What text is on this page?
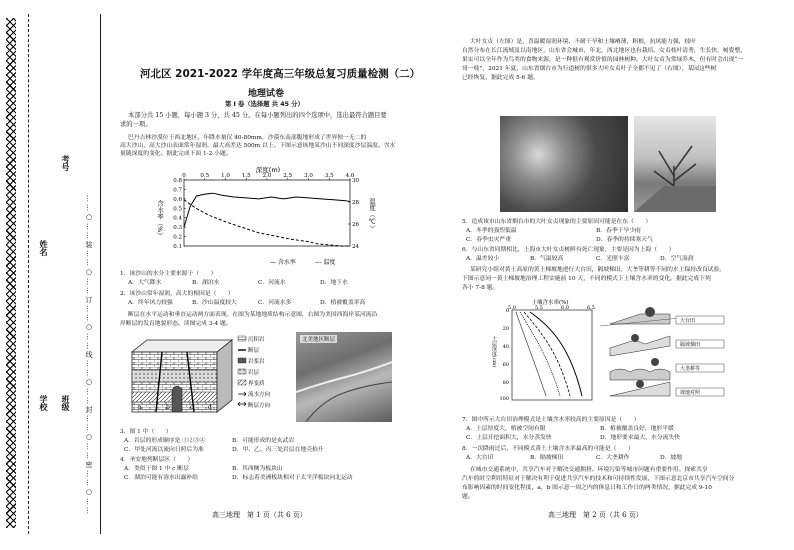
学校
姓名
班级
考号
……○……装……○……订……○……线……○……封……○……密……○……
河北区 2021-2022 学年度高三年级总复习质量检测（二）
地理试卷
第 Ⅰ 卷（选择题 共 45 分）
本部分共 15 小题，每小题 3 分，共 45 分。在每小题列出的四个选项中，选出最符合题目要
求的一项。
巴丹吉林沙漠位于西北地区，年降水量仅 40-80mm，沙漠东南部腹地形成了世界独一无二的
高大沙山，高大沙山表面常年湿润，最大高差达 500m 以上。下图示意该地某沙山不同深度沙层温度、含水
量随深度的变化。据此完成下面 1-2 小题。
深度(m)
0	0.5 1.0 1.5 2.0 2.5 3.0 3.5 4.0
0.8
0.7
0.6
0.5
0.4
0.3
0.2
0.1
30
28
26
24
含水率（%）	温度（℃）
— 含水率	--- 温度
1．该沙山的水分主要来源于（　　）
A．大气降水	B．湖泊水	C．河流水	D．地下水
2．该沙山常年湿润，高大的根因是（　　）
A．终年风力较强	B．沙山温度较大	C．河流水多	D．植被覆盖率高
断层在水平运动和垂直运动两方面表现。在图为某地地质结构示意图，右图为美国西海岸某河流沿
岸断层的发育地貌形态。读图完成 3-4 题。
a	b	c d
沉积岩
断层
岩浆岩
岩层
界变质
流水方向
断层方向
北美地区断层
3．图 1 中（　　）
A．岩层的形成顺序是 ①②③④	B．可能形成的是玄武岩
C．甲处河流以流向日照后为准	D．甲、乙、丙三处岩层在地壳抬升
4．圣安地列断层区（　　）
A．类似于图 1 中 c 断层	B．其西侧为板块山
C．湖泊可能有溶水出露补给	D．标志着美洲板块相对于太平洋板块向北运动
高三地理　第 1 页（共 6 页）
大叶女贞（左图）是，喜温暖湿润环境，不耐干旱和土壤瘠薄，粗根，抗风能力强，枝叶
自然分布在长江流域及以南地区，山东省会城市，年北，西北地区也有栽培。女贞枝叶清秀，生长快，树姿整，
果实可以全年作为鸟类的食物来源，是一种很有观赏价值的园林树种。大叶女贞为常绿乔木，但有时会出现“一
哥一枝”，2021 年夏，山东省烟台市为行道树的很多大叶女贞叶子全都不见了（右图），某园这些树
已经恢复，据此完成 5-6 题。
5．造成该市山东省烟台市的大叶女贞现象的主要原因可能是在东（　　）
A．冬季的强烈低温	B．春季干旱少雨
C．春季虫灾严重	D．春季的持续寒天气
6．与山东省同期相比，上海市大叶女贞树鲜有死亡现象，主要是因为上海（　　）
A．温差较小	B．气温较高	C．光照丰富	D．空气湿润
某研究小组对黄土高原的黄土梯坡地进行大台田，隔坡梯田，大垄等耕等不同的水土保持改良试验。
下图示意同一黄土梯坡地治理工程实施前 10 天，不同的模式下土壤含水率的变化。据此完成下列
各小 7-8 题。
土壤含水率(%)
5.0	5.5	6.0	6.5
0
20
40
60
80
100
土层深度(cm)
大台田
隔坡梯田
大垄耕等
坡地对照
7．图中所示大台田治理模式是土壤含水率较高的主要原因是（　　）
A．土层厚度大，植被空间有限	B．植被覆盖良好，地形平缓
C．土层开挖面积大，水分蒸发快	D．地形要求最大，水分流失快
8．一次降雨过后，不同模式黄土土壤含水率最高的可能是（　　）
A．大台田	B．隔坡梯田	C．大垄耕作	D．坡地
在城市交通系统中，共享汽车对于解决交通拥挤、环境污染等城市问题有重要作用。探索共享
汽车的时空利用特征对于解决有利于促进共享汽车的技术和可持续性发展，下图示意北京市共享汽车空间分
布影响因素的时间变化程度，a，b 图示意一周之内的休息日和工作日的两类情况，据此完成 9-10
题。
高三地理　第 2 页（共 6 页）
